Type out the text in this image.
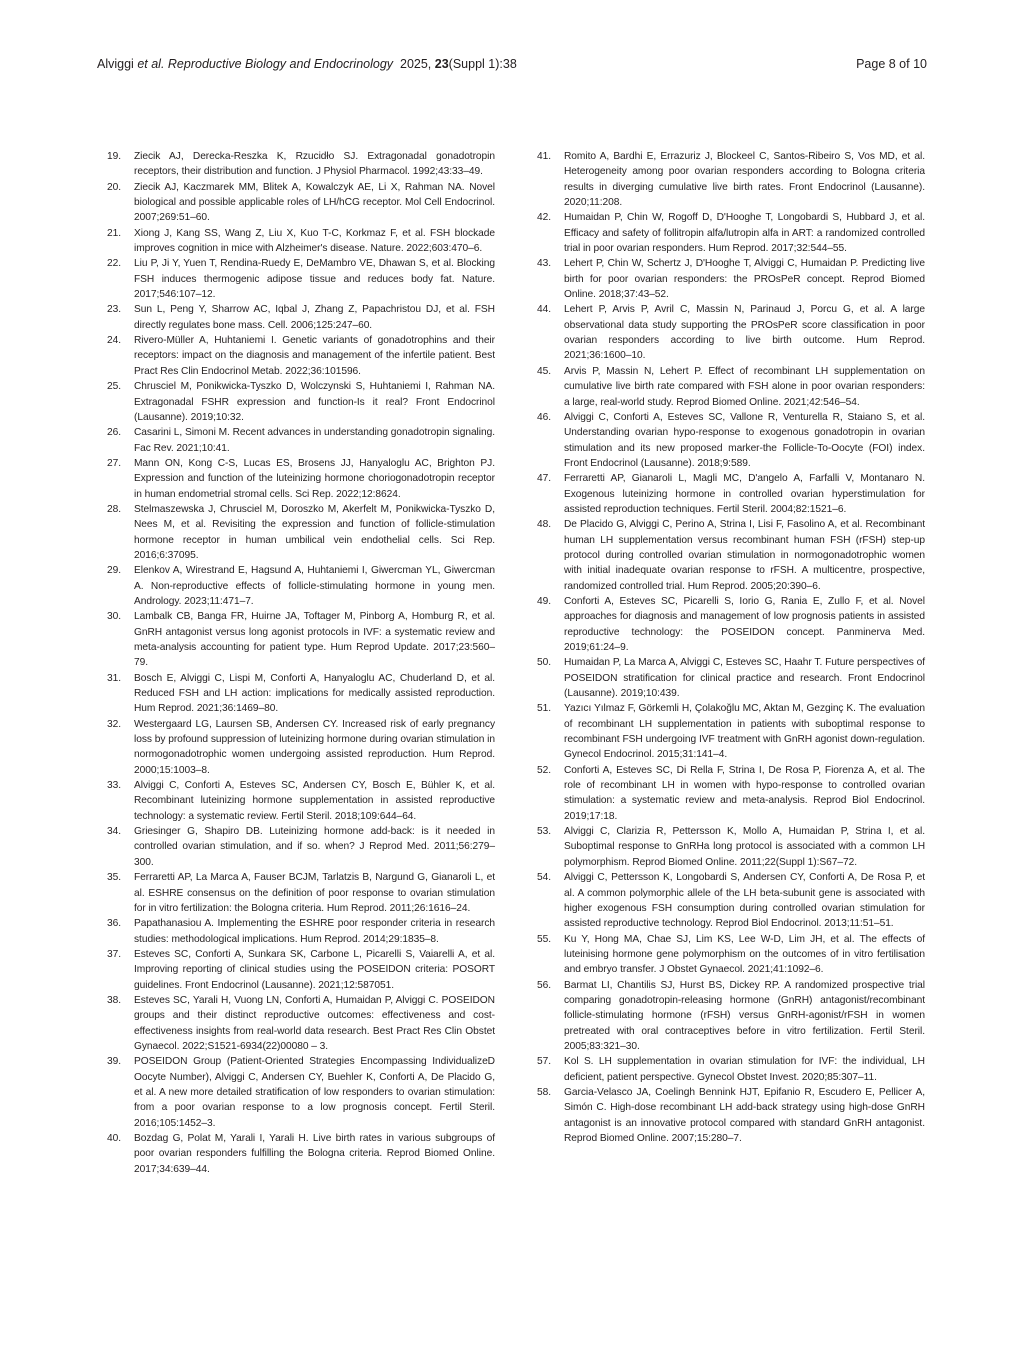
Alviggi et al. Reproductive Biology and Endocrinology 2025, 23(Suppl 1):38	Page 8 of 10
19. Ziecik AJ, Derecka-Reszka K, Rzucidło SJ. Extragonadal gonadotropin receptors, their distribution and function. J Physiol Pharmacol. 1992;43:33–49.
20. Ziecik AJ, Kaczmarek MM, Blitek A, Kowalczyk AE, Li X, Rahman NA. Novel biological and possible applicable roles of LH/hCG receptor. Mol Cell Endocrinol. 2007;269:51–60.
21. Xiong J, Kang SS, Wang Z, Liu X, Kuo T-C, Korkmaz F, et al. FSH blockade improves cognition in mice with Alzheimer's disease. Nature. 2022;603:470–6.
22. Liu P, Ji Y, Yuen T, Rendina-Ruedy E, DeMambro VE, Dhawan S, et al. Blocking FSH induces thermogenic adipose tissue and reduces body fat. Nature. 2017;546:107–12.
23. Sun L, Peng Y, Sharrow AC, Iqbal J, Zhang Z, Papachristou DJ, et al. FSH directly regulates bone mass. Cell. 2006;125:247–60.
24. Rivero-Müller A, Huhtaniemi I. Genetic variants of gonadotrophins and their receptors: impact on the diagnosis and management of the infertile patient. Best Pract Res Clin Endocrinol Metab. 2022;36:101596.
25. Chrusciel M, Ponikwicka-Tyszko D, Wolczynski S, Huhtaniemi I, Rahman NA. Extragonadal FSHR expression and function-Is it real? Front Endocrinol (Lausanne). 2019;10:32.
26. Casarini L, Simoni M. Recent advances in understanding gonadotropin signaling. Fac Rev. 2021;10:41.
27. Mann ON, Kong C-S, Lucas ES, Brosens JJ, Hanyaloglu AC, Brighton PJ. Expression and function of the luteinizing hormone choriogonadotropin receptor in human endometrial stromal cells. Sci Rep. 2022;12:8624.
28. Stelmaszewska J, Chrusciel M, Doroszko M, Akerfelt M, Ponikwicka-Tyszko D, Nees M, et al. Revisiting the expression and function of follicle-stimulation hormone receptor in human umbilical vein endothelial cells. Sci Rep. 2016;6:37095.
29. Elenkov A, Wirestrand E, Hagsund A, Huhtaniemi I, Giwercman YL, Giwercman A. Non-reproductive effects of follicle-stimulating hormone in young men. Andrology. 2023;11:471–7.
30. Lambalk CB, Banga FR, Huirne JA, Toftager M, Pinborg A, Homburg R, et al. GnRH antagonist versus long agonist protocols in IVF: a systematic review and meta-analysis accounting for patient type. Hum Reprod Update. 2017;23:560–79.
31. Bosch E, Alviggi C, Lispi M, Conforti A, Hanyaloglu AC, Chuderland D, et al. Reduced FSH and LH action: implications for medically assisted reproduction. Hum Reprod. 2021;36:1469–80.
32. Westergaard LG, Laursen SB, Andersen CY. Increased risk of early pregnancy loss by profound suppression of luteinizing hormone during ovarian stimulation in normogonadotrophic women undergoing assisted reproduction. Hum Reprod. 2000;15:1003–8.
33. Alviggi C, Conforti A, Esteves SC, Andersen CY, Bosch E, Bühler K, et al. Recombinant luteinizing hormone supplementation in assisted reproductive technology: a systematic review. Fertil Steril. 2018;109:644–64.
34. Griesinger G, Shapiro DB. Luteinizing hormone add-back: is it needed in controlled ovarian stimulation, and if so. when? J Reprod Med. 2011;56:279–300.
35. Ferraretti AP, La Marca A, Fauser BCJM, Tarlatzis B, Nargund G, Gianaroli L, et al. ESHRE consensus on the definition of poor response to ovarian stimulation for in vitro fertilization: the Bologna criteria. Hum Reprod. 2011;26:1616–24.
36. Papathanasiou A. Implementing the ESHRE poor responder criteria in research studies: methodological implications. Hum Reprod. 2014;29:1835–8.
37. Esteves SC, Conforti A, Sunkara SK, Carbone L, Picarelli S, Vaiarelli A, et al. Improving reporting of clinical studies using the POSEIDON criteria: POSORT guidelines. Front Endocrinol (Lausanne). 2021;12:587051.
38. Esteves SC, Yarali H, Vuong LN, Conforti A, Humaidan P, Alviggi C. POSEIDON groups and their distinct reproductive outcomes: effectiveness and cost-effectiveness insights from real-world data research. Best Pract Res Clin Obstet Gynaecol. 2022;S1521-6934(22)00080 – 3.
39. POSEIDON Group (Patient-Oriented Strategies Encompassing IndividualizeD Oocyte Number), Alviggi C, Andersen CY, Buehler K, Conforti A, De Placido G, et al. A new more detailed stratification of low responders to ovarian stimulation: from a poor ovarian response to a low prognosis concept. Fertil Steril. 2016;105:1452–3.
40. Bozdag G, Polat M, Yarali I, Yarali H. Live birth rates in various subgroups of poor ovarian responders fulfilling the Bologna criteria. Reprod Biomed Online. 2017;34:639–44.
41. Romito A, Bardhi E, Errazuriz J, Blockeel C, Santos-Ribeiro S, Vos MD, et al. Heterogeneity among poor ovarian responders according to Bologna criteria results in diverging cumulative live birth rates. Front Endocrinol (Lausanne). 2020;11:208.
42. Humaidan P, Chin W, Rogoff D, D'Hooghe T, Longobardi S, Hubbard J, et al. Efficacy and safety of follitropin alfa/lutropin alfa in ART: a randomized controlled trial in poor ovarian responders. Hum Reprod. 2017;32:544–55.
43. Lehert P, Chin W, Schertz J, D'Hooghe T, Alviggi C, Humaidan P. Predicting live birth for poor ovarian responders: the PROsPeR concept. Reprod Biomed Online. 2018;37:43–52.
44. Lehert P, Arvis P, Avril C, Massin N, Parinaud J, Porcu G, et al. A large observational data study supporting the PROsPeR score classification in poor ovarian responders according to live birth outcome. Hum Reprod. 2021;36:1600–10.
45. Arvis P, Massin N, Lehert P. Effect of recombinant LH supplementation on cumulative live birth rate compared with FSH alone in poor ovarian responders: a large, real-world study. Reprod Biomed Online. 2021;42:546–54.
46. Alviggi C, Conforti A, Esteves SC, Vallone R, Venturella R, Staiano S, et al. Understanding ovarian hypo-response to exogenous gonadotropin in ovarian stimulation and its new proposed marker-the Follicle-To-Oocyte (FOI) index. Front Endocrinol (Lausanne). 2018;9:589.
47. Ferraretti AP, Gianaroli L, Magli MC, D'angelo A, Farfalli V, Montanaro N. Exogenous luteinizing hormone in controlled ovarian hyperstimulation for assisted reproduction techniques. Fertil Steril. 2004;82:1521–6.
48. De Placido G, Alviggi C, Perino A, Strina I, Lisi F, Fasolino A, et al. Recombinant human LH supplementation versus recombinant human FSH (rFSH) step-up protocol during controlled ovarian stimulation in normogonadotrophic women with initial inadequate ovarian response to rFSH. A multicentre, prospective, randomized controlled trial. Hum Reprod. 2005;20:390–6.
49. Conforti A, Esteves SC, Picarelli S, Iorio G, Rania E, Zullo F, et al. Novel approaches for diagnosis and management of low prognosis patients in assisted reproductive technology: the POSEIDON concept. Panminerva Med. 2019;61:24–9.
50. Humaidan P, La Marca A, Alviggi C, Esteves SC, Haahr T. Future perspectives of POSEIDON stratification for clinical practice and research. Front Endocrinol (Lausanne). 2019;10:439.
51. Yazıcı Yılmaz F, Görkemli H, Çolakoğlu MC, Aktan M, Gezginç K. The evaluation of recombinant LH supplementation in patients with suboptimal response to recombinant FSH undergoing IVF treatment with GnRH agonist down-regulation. Gynecol Endocrinol. 2015;31:141–4.
52. Conforti A, Esteves SC, Di Rella F, Strina I, De Rosa P, Fiorenza A, et al. The role of recombinant LH in women with hypo-response to controlled ovarian stimulation: a systematic review and meta-analysis. Reprod Biol Endocrinol. 2019;17:18.
53. Alviggi C, Clarizia R, Pettersson K, Mollo A, Humaidan P, Strina I, et al. Suboptimal response to GnRHa long protocol is associated with a common LH polymorphism. Reprod Biomed Online. 2011;22(Suppl 1):S67–72.
54. Alviggi C, Pettersson K, Longobardi S, Andersen CY, Conforti A, De Rosa P, et al. A common polymorphic allele of the LH beta-subunit gene is associated with higher exogenous FSH consumption during controlled ovarian stimulation for assisted reproductive technology. Reprod Biol Endocrinol. 2013;11:51–51.
55. Ku Y, Hong MA, Chae SJ, Lim KS, Lee W-D, Lim JH, et al. The effects of luteinising hormone gene polymorphism on the outcomes of in vitro fertilisation and embryo transfer. J Obstet Gynaecol. 2021;41:1092–6.
56. Barmat LI, Chantilis SJ, Hurst BS, Dickey RP. A randomized prospective trial comparing gonadotropin-releasing hormone (GnRH) antagonist/recombinant follicle-stimulating hormone (rFSH) versus GnRH-agonist/rFSH in women pretreated with oral contraceptives before in vitro fertilization. Fertil Steril. 2005;83:321–30.
57. Kol S. LH supplementation in ovarian stimulation for IVF: the individual, LH deficient, patient perspective. Gynecol Obstet Invest. 2020;85:307–11.
58. Garcia-Velasco JA, Coelingh Bennink HJT, Epifanio R, Escudero E, Pellicer A, Simón C. High-dose recombinant LH add-back strategy using high-dose GnRH antagonist is an innovative protocol compared with standard GnRH antagonist. Reprod Biomed Online. 2007;15:280–7.
